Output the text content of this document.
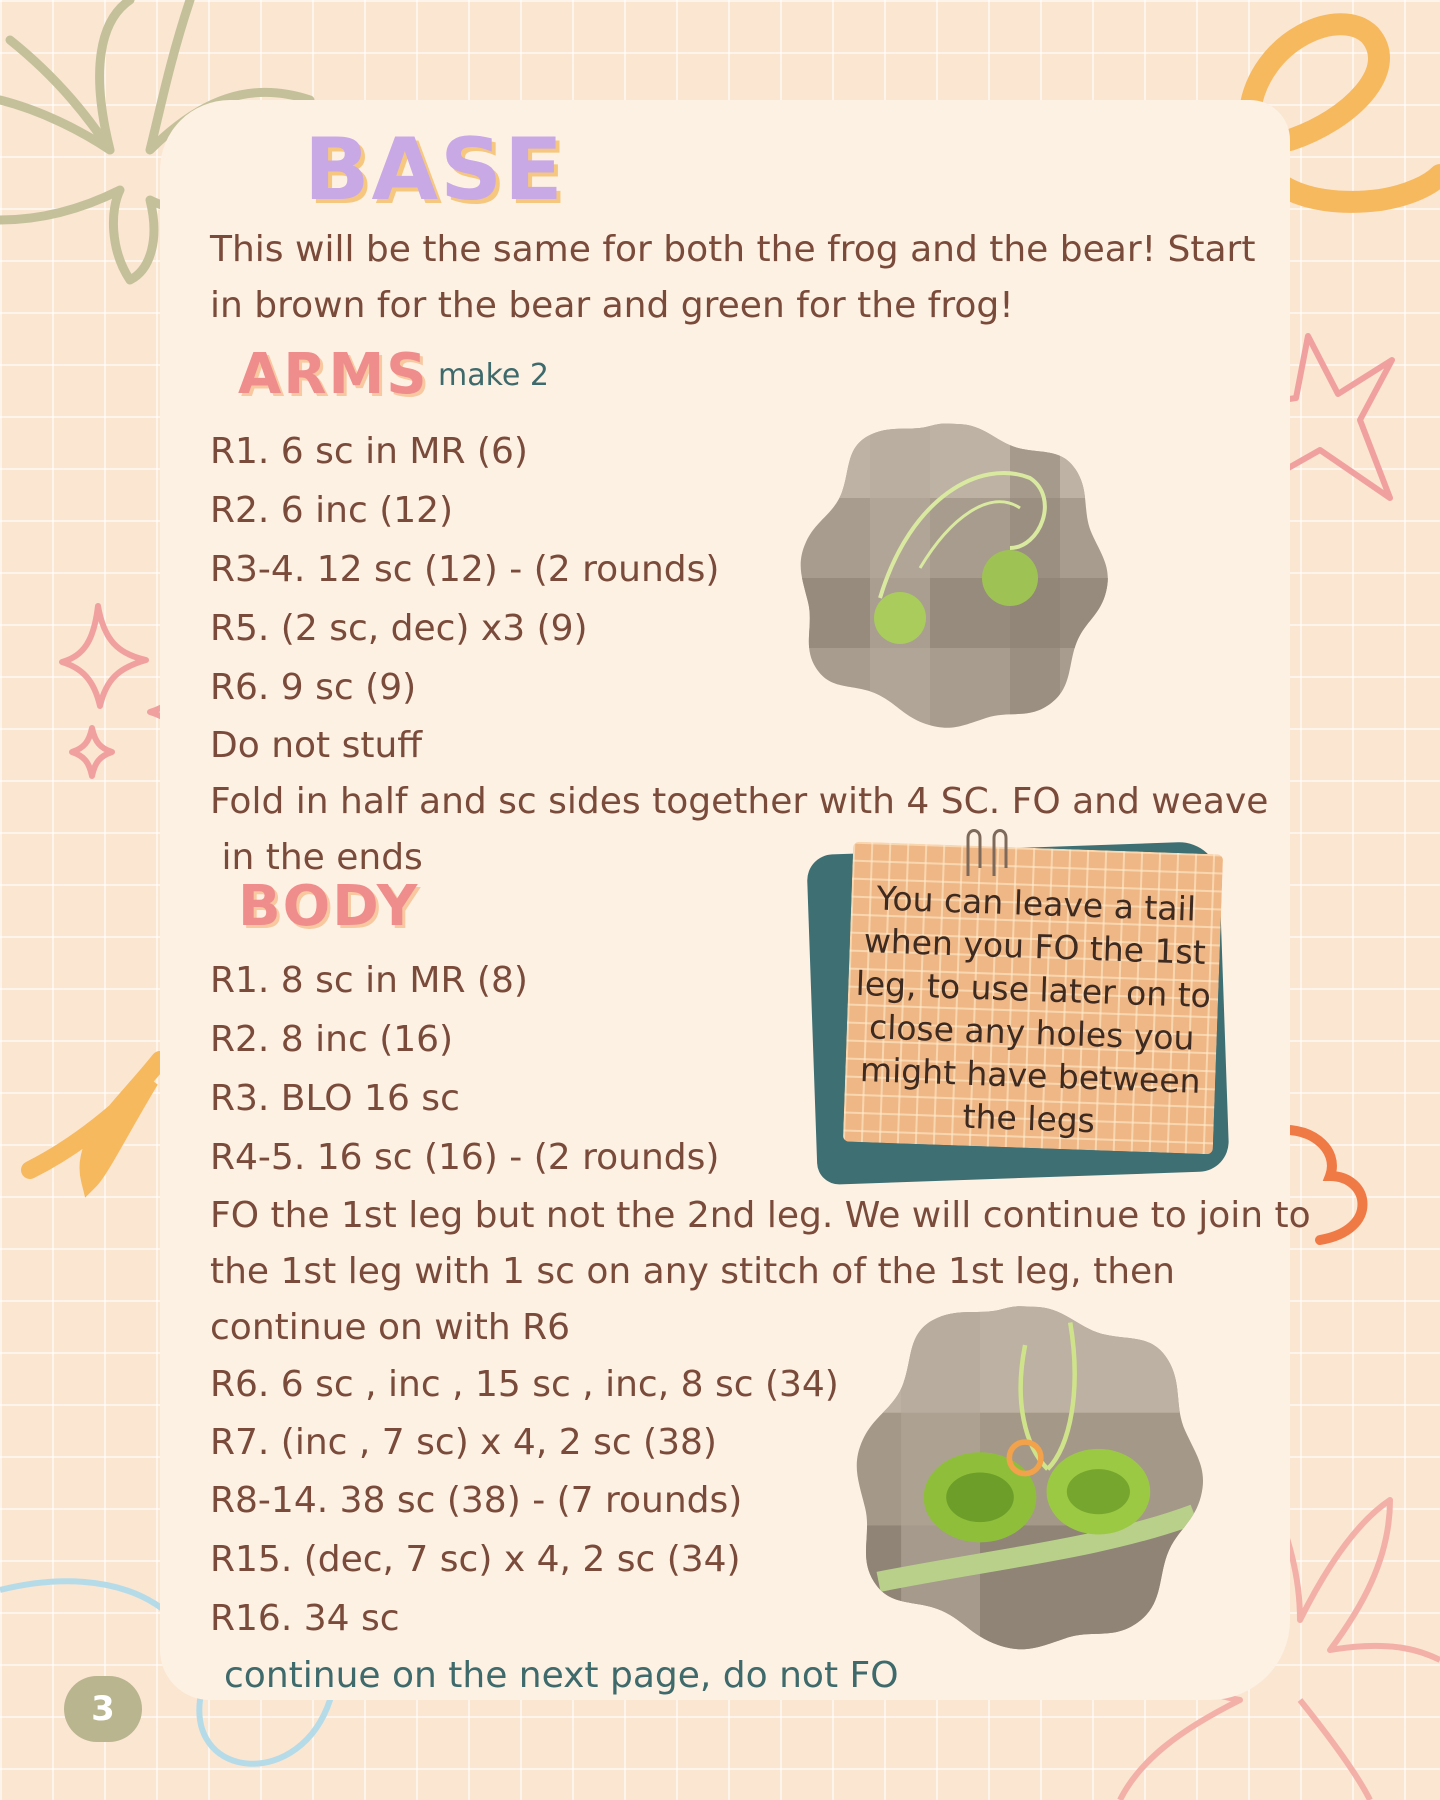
BASE
This will be the same for both the frog and the bear! Start
in brown for the bear and green for the frog!
ARMS make 2
R1. 6 sc in MR (6)
R2. 6 inc (12)
R3-4. 12 sc (12) - (2 rounds)
R5. (2 sc, dec) x3 (9)
R6. 9 sc (9)
Do not stuff
Fold in half and sc sides together with 4 SC. FO and weave
in the ends
BODY
R1. 8 sc in MR (8)
R2. 8 inc (16)
R3. BLO 16 sc
R4-5. 16 sc (16) - (2 rounds)
FO the 1st leg but not the 2nd leg. We will continue to join to
the 1st leg with 1 sc on any stitch of the 1st leg, then
continue on with R6
R6. 6 sc , inc , 15 sc , inc, 8 sc (34)
R7. (inc , 7 sc) x 4, 2 sc (38)
R8-14. 38 sc (38) - (7 rounds)
R15. (dec, 7 sc) x 4, 2 sc (34)
R16. 34 sc
continue on the next page, do not FO
You can leave a tail
when you FO the 1st
leg, to use later on to
close any holes you
might have between
the legs
3
